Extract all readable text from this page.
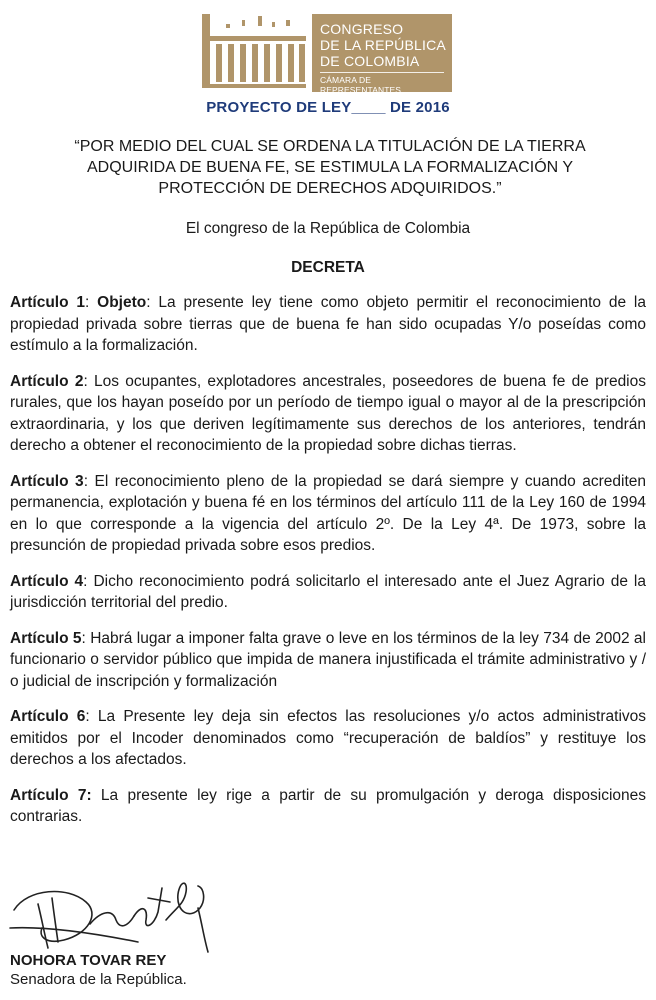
CONGRESO
DE LA REPÚBLICA
DE COLOMBIA
CÁMARA DE REPRESENTANTES
PROYECTO DE LEY____ DE 2016
“POR MEDIO DEL CUAL SE ORDENA LA TITULACIÓN DE LA TIERRA ADQUIRIDA DE BUENA FE, SE ESTIMULA LA FORMALIZACIÓN Y PROTECCIÓN DE DERECHOS ADQUIRIDOS.”
El congreso de la República de Colombia
DECRETA

Artículo 1: Objeto: La presente ley tiene como objeto permitir el reconocimiento de la propiedad privada sobre tierras que de buena fe han sido ocupadas Y/o poseídas como estímulo a la formalización.

Artículo 2: Los ocupantes, explotadores ancestrales, poseedores de buena fe de predios rurales, que los hayan poseído por un período de tiempo igual o mayor al de la prescripción extraordinaria, y los que deriven legítimamente sus derechos de los anteriores, tendrán derecho a obtener el reconocimiento de la propiedad sobre dichas tierras.

Artículo 3: El reconocimiento pleno de la propiedad se dará siempre y cuando acrediten permanencia, explotación y buena fé en los términos del artículo 111 de la Ley 160 de 1994 en lo que corresponde a la vigencia del artículo 2º. De la Ley 4ª. De 1973, sobre la presunción de propiedad privada sobre esos predios.

Artículo 4: Dicho reconocimiento podrá solicitarlo el interesado ante el Juez Agrario de la jurisdicción territorial del predio.

Artículo 5: Habrá lugar a imponer falta grave o leve en los términos de la ley 734 de 2002 al funcionario o servidor público que impida de manera injustificada el trámite administrativo y / o judicial de inscripción y formalización

Artículo 6: La Presente ley deja sin efectos las resoluciones y/o actos administrativos emitidos por el Incoder denominados como “recuperación de baldíos” y restituye los derechos a los afectados.

Artículo 7: La presente ley rige a partir de su promulgación y deroga disposiciones contrarias.

NOHORA TOVAR REY
Senadora de la República.
